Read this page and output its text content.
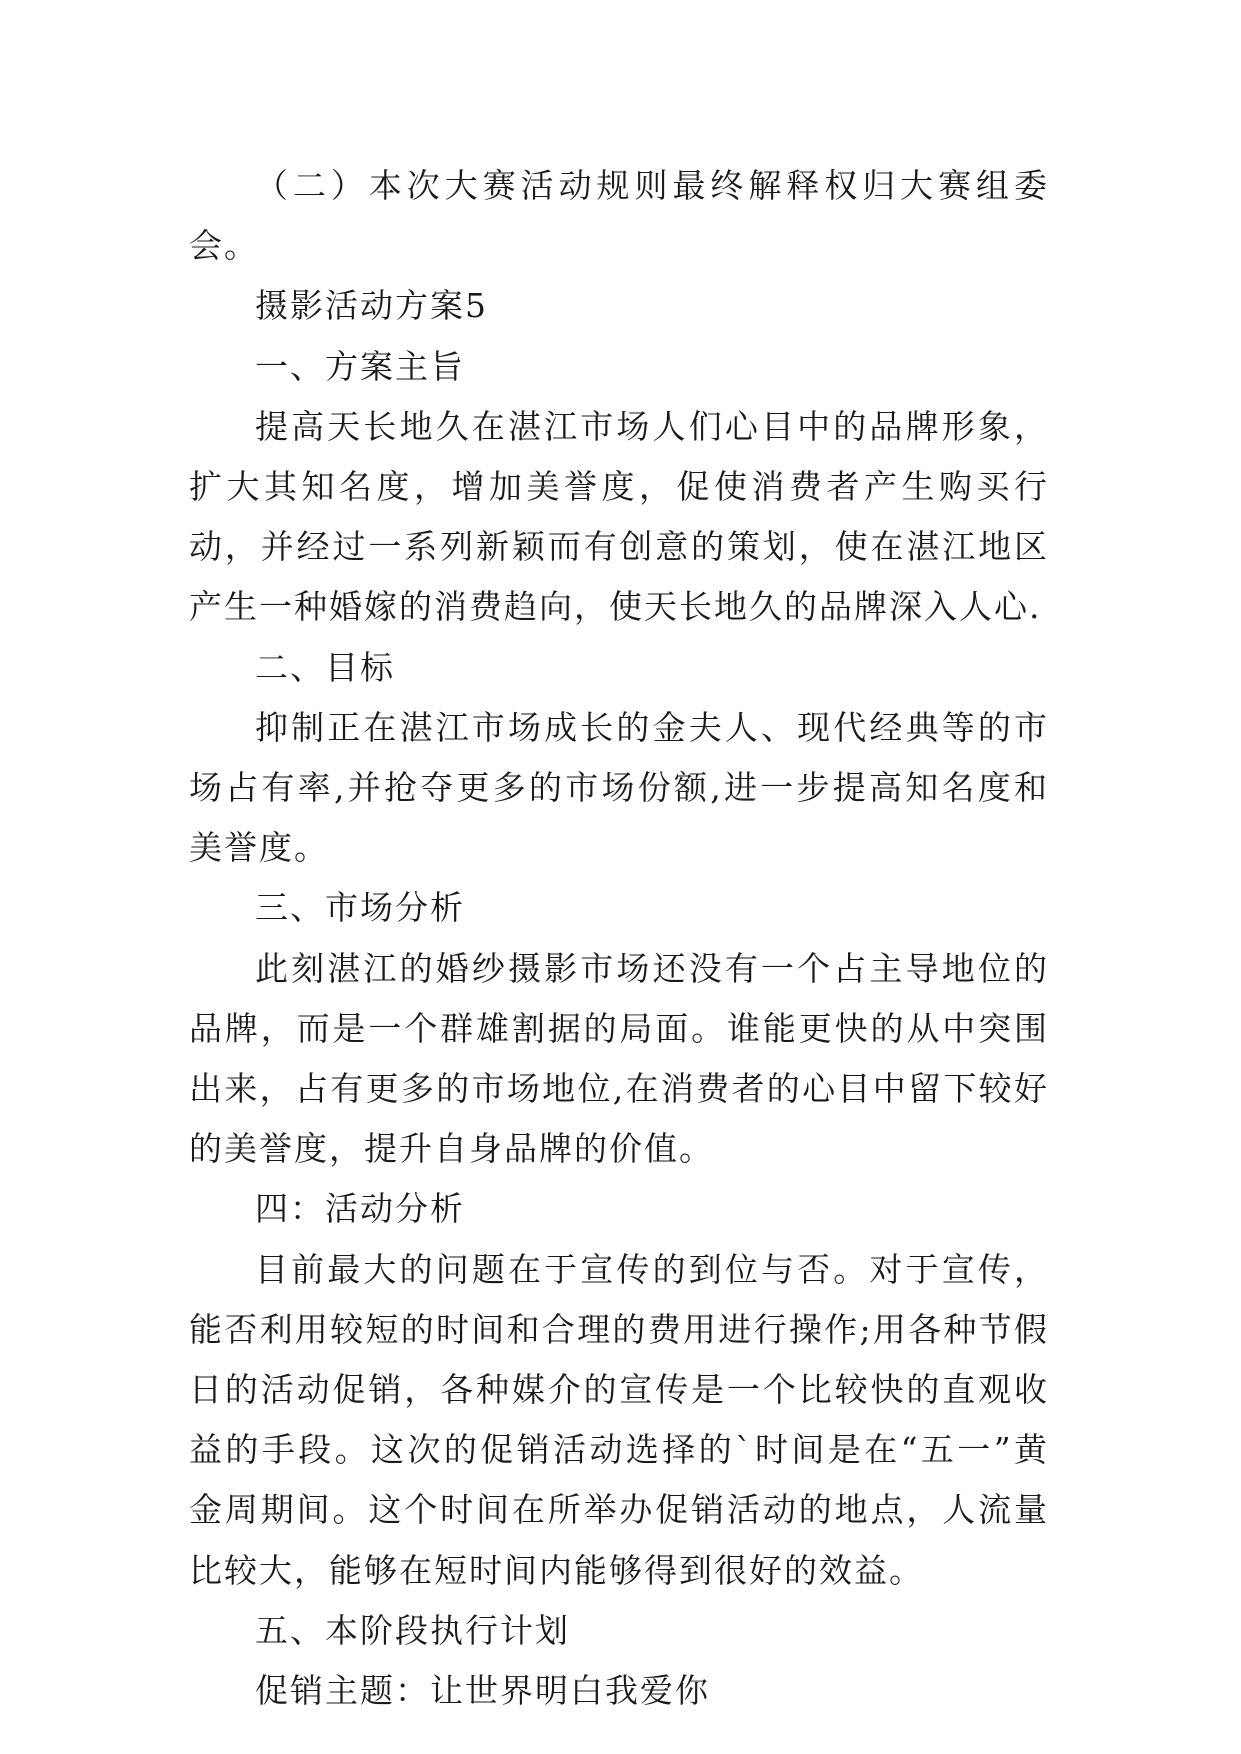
（二）本次大赛活动规则最终解释权归大赛组委会。

摄影活动方案5

一、方案主旨

提高天长地久在湛江市场人们心目中的品牌形象，扩大其知名度，增加美誉度，促使消费者产生购买行动，并经过一系列新颖而有创意的策划，使在湛江地区产生一种婚嫁的消费趋向，使天长地久的品牌深入人心.

二、目标

抑制正在湛江市场成长的金夫人、现代经典等的市场占有率,并抢夺更多的市场份额,进一步提高知名度和美誉度。

三、市场分析

此刻湛江的婚纱摄影市场还没有一个占主导地位的品牌，而是一个群雄割据的局面。谁能更快的从中突围出来，占有更多的市场地位,在消费者的心目中留下较好的美誉度，提升自身品牌的价值。

四：活动分析

目前最大的问题在于宣传的到位与否。对于宣传，能否利用较短的时间和合理的费用进行操作;用各种节假日的活动促销，各种媒介的宣传是一个比较快的直观收益的手段。这次的促销活动选择的`时间是在“五一”黄金周期间。这个时间在所举办促销活动的地点，人流量比较大，能够在短时间内能够得到很好的效益。

五、本阶段执行计划

促销主题：让世界明白我爱你
